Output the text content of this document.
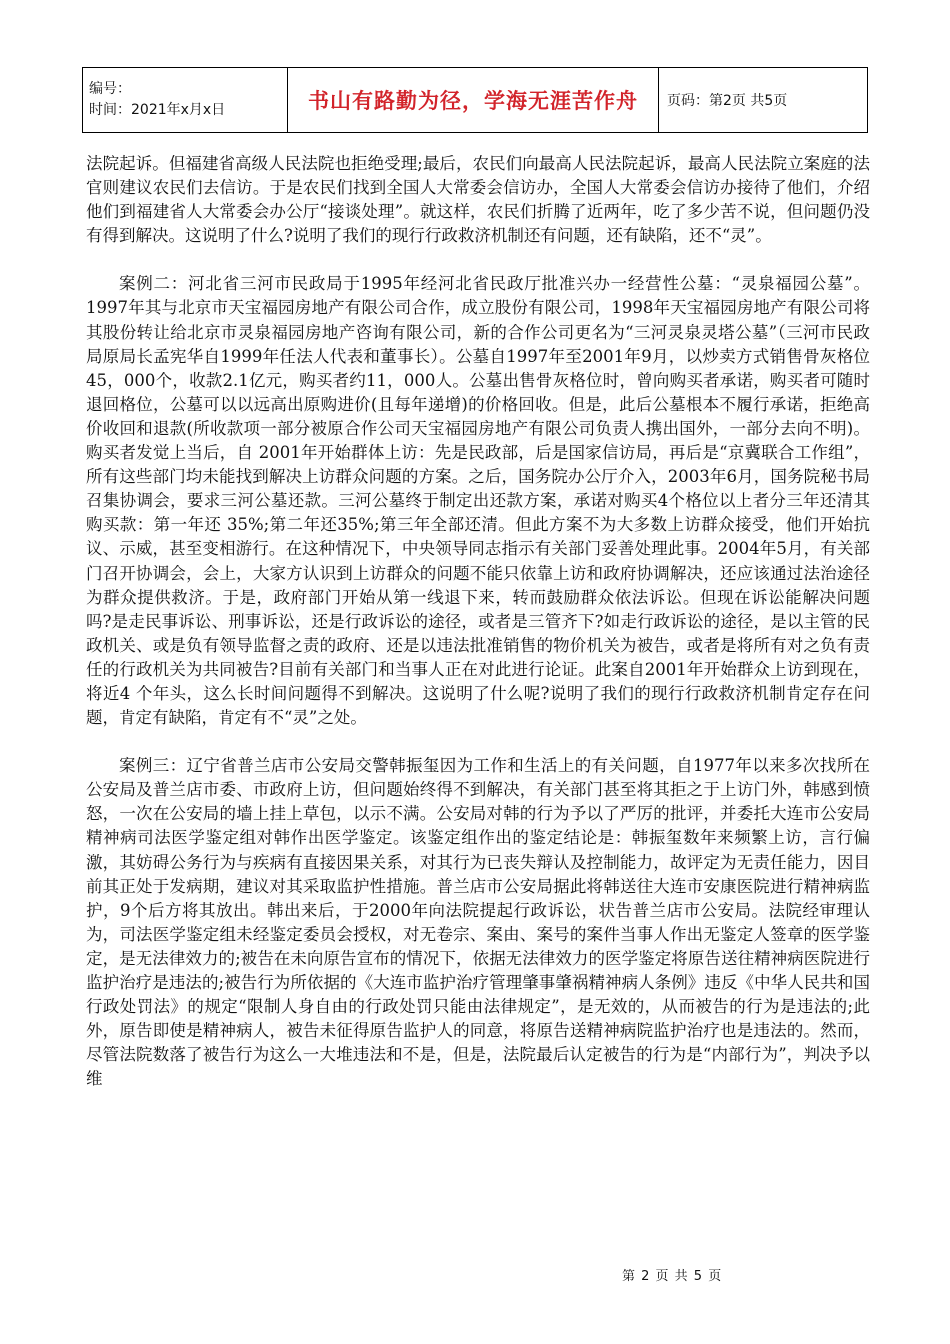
编号：
时间：2021年x月x日	书山有路勤为径，学海无涯苦作舟	页码：第2页 共5页

法院起诉。但福建省高级人民法院也拒绝受理;最后，农民们向最高人民法院起诉，最高人民法院立案庭的法官则建议农民们去信访。于是农民们找到全国人大常委会信访办，全国人大常委会信访办接待了他们，介绍他们到福建省人大常委会办公厅“接谈处理”。就这样，农民们折腾了近两年，吃了多少苦不说，但问题仍没有得到解决。这说明了什么?说明了我们的现行行政救济机制还有问题，还有缺陷，还不“灵”。

案例二：河北省三河市民政局于1995年经河北省民政厅批准兴办一经营性公墓：“灵泉福园公墓”。1997年其与北京市天宝福园房地产有限公司合作，成立股份有限公司，1998年天宝福园房地产有限公司将其股份转让给北京市灵泉福园房地产咨询有限公司，新的合作公司更名为“三河灵泉灵塔公墓”（三河市民政局原局长孟宪华自1999年任法人代表和董事长）。公墓自1997年至2001年9月，以炒卖方式销售骨灰格位45，000个，收款2.1亿元，购买者约11，000人。公墓出售骨灰格位时，曾向购买者承诺，购买者可随时退回格位，公墓可以以远高出原购进价(且每年递增)的价格回收。但是，此后公墓根本不履行承诺，拒绝高价收回和退款(所收款项一部分被原合作公司天宝福园房地产有限公司负责人携出国外，一部分去向不明)。购买者发觉上当后，自 2001年开始群体上访：先是民政部，后是国家信访局，再后是“京冀联合工作组”，所有这些部门均未能找到解决上访群众问题的方案。之后，国务院办公厅介入，2003年6月，国务院秘书局召集协调会，要求三河公墓还款。三河公墓终于制定出还款方案，承诺对购买4个格位以上者分三年还清其购买款：第一年还 35%;第二年还35%;第三年全部还清。但此方案不为大多数上访群众接受，他们开始抗议、示威，甚至变相游行。在这种情况下，中央领导同志指示有关部门妥善处理此事。2004年5月，有关部门召开协调会，会上，大家方认识到上访群众的问题不能只依靠上访和政府协调解决，还应该通过法治途径为群众提供救济。于是，政府部门开始从第一线退下来，转而鼓励群众依法诉讼。但现在诉讼能解决问题吗?是走民事诉讼、刑事诉讼，还是行政诉讼的途径，或者是三管齐下?如走行政诉讼的途径，是以主管的民政机关、或是负有领导监督之责的政府、还是以违法批准销售的物价机关为被告，或者是将所有对之负有责任的行政机关为共同被告?目前有关部门和当事人正在对此进行论证。此案自2001年开始群众上访到现在，将近4 个年头，这么长时间问题得不到解决。这说明了什么呢?说明了我们的现行行政救济机制肯定存在问题，肯定有缺陷，肯定有不“灵”之处。

案例三：辽宁省普兰店市公安局交警韩振玺因为工作和生活上的有关问题，自1977年以来多次找所在公安局及普兰店市委、市政府上访，但问题始终得不到解决，有关部门甚至将其拒之于上访门外，韩感到愤怒，一次在公安局的墙上挂上草包，以示不满。公安局对韩的行为予以了严厉的批评，并委托大连市公安局精神病司法医学鉴定组对韩作出医学鉴定。该鉴定组作出的鉴定结论是：韩振玺数年来频繁上访，言行偏激，其妨碍公务行为与疾病有直接因果关系，对其行为已丧失辩认及控制能力，故评定为无责任能力，因目前其正处于发病期，建议对其采取监护性措施。普兰店市公安局据此将韩送往大连市安康医院进行精神病监护，9个后方将其放出。韩出来后，于2000年向法院提起行政诉讼，状告普兰店市公安局。法院经审理认为，司法医学鉴定组未经鉴定委员会授权，对无卷宗、案由、案号的案件当事人作出无鉴定人签章的医学鉴定，是无法律效力的;被告在未向原告宣布的情况下，依据无法律效力的医学鉴定将原告送往精神病医院进行监护治疗是违法的;被告行为所依据的《大连市监护治疗管理肇事肇祸精神病人条例》违反《中华人民共和国行政处罚法》的规定“限制人身自由的行政处罚只能由法律规定”，是无效的，从而被告的行为是违法的;此外，原告即使是精神病人，被告未征得原告监护人的同意，将原告送精神病院监护治疗也是违法的。然而，尽管法院数落了被告行为这么一大堆违法和不是，但是，法院最后认定被告的行为是“内部行为”，判决予以维

第 2 页 共 5 页
